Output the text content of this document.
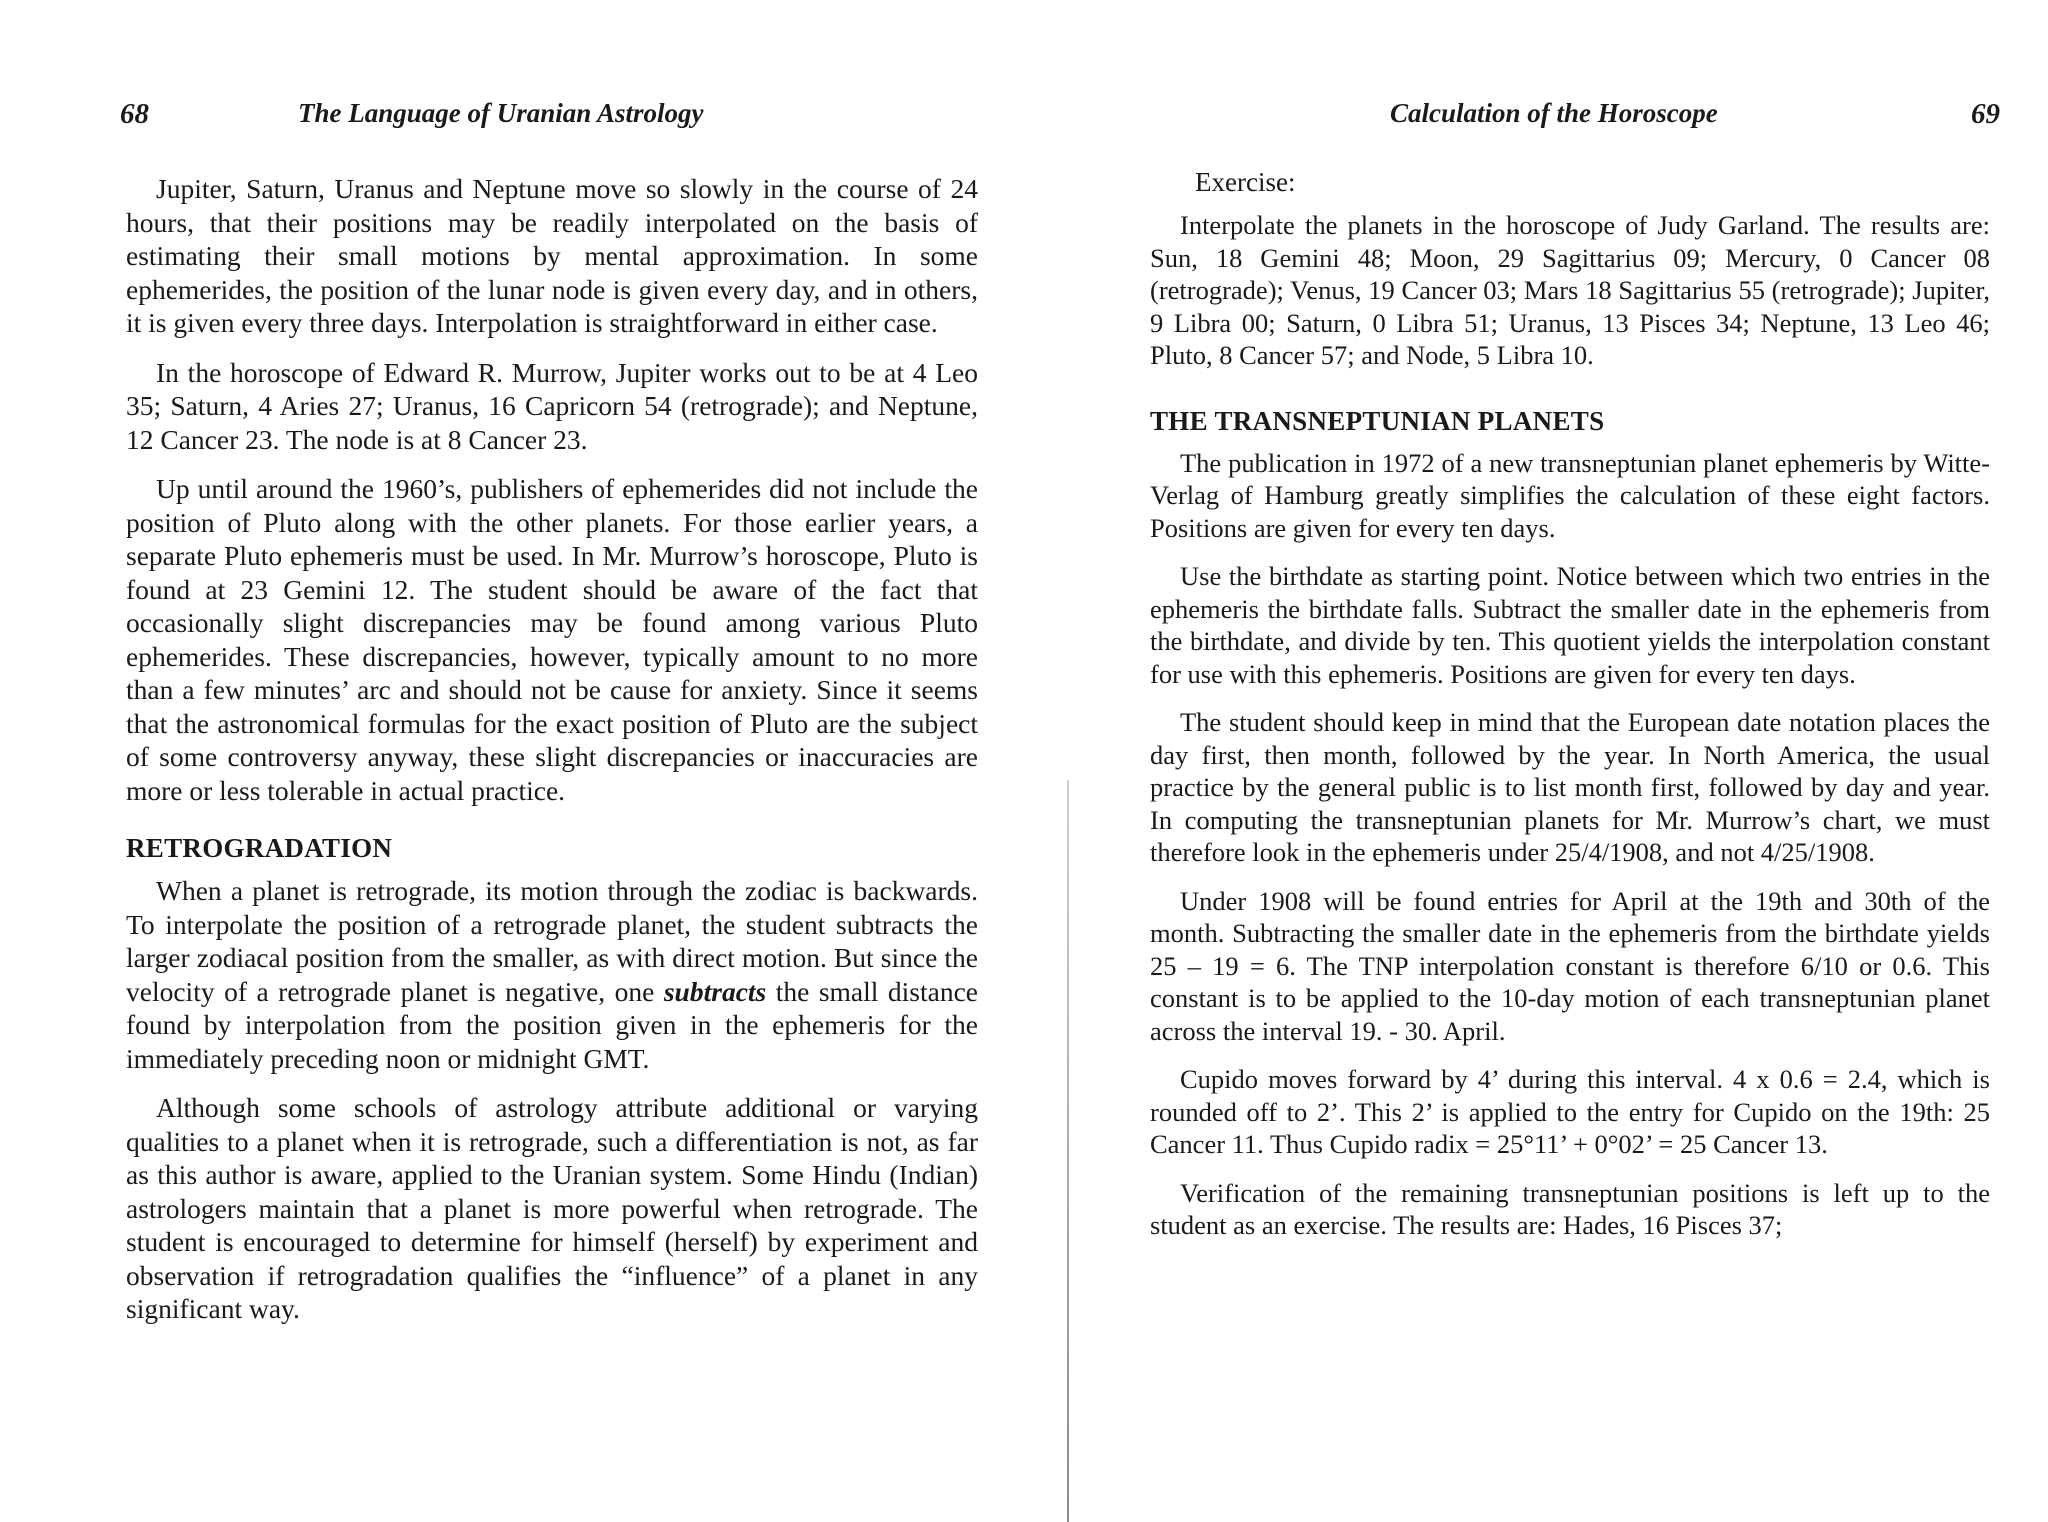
68	The Language of Uranian Astrology

Jupiter, Saturn, Uranus and Neptune move so slowly in the course of 24 hours, that their positions may be readily interpolated on the basis of estimating their small motions by mental approximation. In some ephemerides, the position of the lunar node is given every day, and in others, it is given every three days. Interpolation is straightforward in either case.

In the horoscope of Edward R. Murrow, Jupiter works out to be at 4 Leo 35; Saturn, 4 Aries 27; Uranus, 16 Capricorn 54 (retrograde); and Neptune, 12 Cancer 23. The node is at 8 Cancer 23.

Up until around the 1960’s, publishers of ephemerides did not include the position of Pluto along with the other planets. For those earlier years, a separate Pluto ephemeris must be used. In Mr. Murrow’s horoscope, Pluto is found at 23 Gemini 12. The student should be aware of the fact that occasionally slight discrepancies may be found among various Pluto ephemerides. These discrepancies, however, typically amount to no more than a few minutes’ arc and should not be cause for anxiety. Since it seems that the astronomical formulas for the exact position of Pluto are the subject of some controversy anyway, these slight discrepancies or inaccuracies are more or less tolerable in actual practice.

RETROGRADATION

When a planet is retrograde, its motion through the zodiac is backwards. To interpolate the position of a retrograde planet, the student subtracts the larger zodiacal position from the smaller, as with direct motion. But since the velocity of a retrograde planet is negative, one subtracts the small distance found by interpolation from the position given in the ephemeris for the immediately preceding noon or midnight GMT.

Although some schools of astrology attribute additional or varying qualities to a planet when it is retrograde, such a differentiation is not, as far as this author is aware, applied to the Uranian system. Some Hindu (Indian) astrologers maintain that a planet is more powerful when retrograde. The student is encouraged to determine for himself (herself) by experiment and observation if retrogradation qualifies the “influence” of a planet in any significant way.

Calculation of the Horoscope	69
Exercise:

Interpolate the planets in the horoscope of Judy Garland. The results are: Sun, 18 Gemini 48; Moon, 29 Sagittarius 09; Mercury, 0 Cancer 08 (retrograde); Venus, 19 Cancer 03; Mars 18 Sagittarius 55 (retrograde); Jupiter, 9 Libra 00; Saturn, 0 Libra 51; Uranus, 13 Pisces 34; Neptune, 13 Leo 46; Pluto, 8 Cancer 57; and Node, 5 Libra 10.

THE TRANSNEPTUNIAN PLANETS

The publication in 1972 of a new transneptunian planet ephemeris by Witte-Verlag of Hamburg greatly simplifies the calculation of these eight factors. Positions are given for every ten days.

Use the birthdate as starting point. Notice between which two entries in the ephemeris the birthdate falls. Subtract the smaller date in the ephemeris from the birthdate, and divide by ten. This quotient yields the interpolation constant for use with this ephemeris. Positions are given for every ten days.

The student should keep in mind that the European date notation places the day first, then month, followed by the year. In North America, the usual practice by the general public is to list month first, followed by day and year. In computing the transneptunian planets for Mr. Murrow’s chart, we must therefore look in the ephemeris under 25/4/1908, and not 4/25/1908.

Under 1908 will be found entries for April at the 19th and 30th of the month. Subtracting the smaller date in the ephemeris from the birthdate yields 25 – 19 = 6. The TNP interpolation constant is therefore 6/10 or 0.6. This constant is to be applied to the 10-day motion of each transneptunian planet across the interval 19. - 30. April.

Cupido moves forward by 4’ during this interval. 4 x 0.6 = 2.4, which is rounded off to 2’. This 2’ is applied to the entry for Cupido on the 19th: 25 Cancer 11. Thus Cupido radix = 25°11’ + 0°02’ = 25 Cancer 13.

Verification of the remaining transneptunian positions is left up to the student as an exercise. The results are: Hades, 16 Pisces 37;
